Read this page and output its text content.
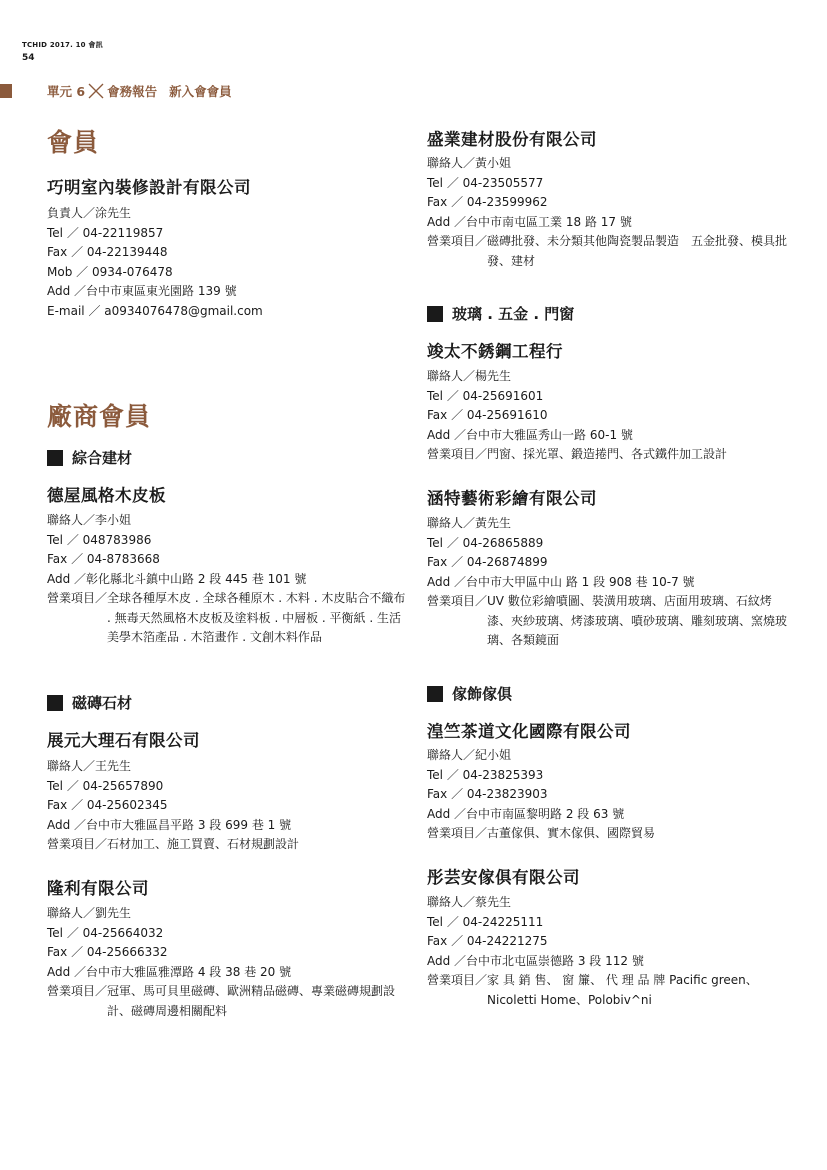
TCHID 2017. 10 會訊
54
單元 6 會務報告 新入會會員
會員
巧明室內裝修設計有限公司
負責人／涂先生
Tel ／ 04-22119857
Fax ／ 04-22139448
Mob ／ 0934-076478
Add ／台中市東區東光園路 139 號
E-mail ／ a0934076478@gmail.com
廠商會員
綜合建材
德屋風格木皮板
聯絡人／李小姐
Tel ／ 048783986
Fax ／ 04-8783668
Add ／彰化縣北斗鎮中山路 2 段 445 巷 101 號
營業項目／ 全球各種厚木皮 . 全球各種原木 . 木料 . 木皮貼合不織布 . 無毒天然風格木皮板及塗料板 . 中層板 . 平衡紙 . 生活美學木箔產品 . 木箔畫作 . 文創木料作品
磁磚石材
展元大理石有限公司
聯絡人／王先生
Tel ／ 04-25657890
Fax ／ 04-25602345
Add ／台中市大雅區昌平路 3 段 699 巷 1 號
營業項目／ 石材加工、施工買賣、石材規劃設計
隆利有限公司
聯絡人／劉先生
Tel ／ 04-25664032
Fax ／ 04-25666332
Add ／台中市大雅區雅潭路 4 段 38 巷 20 號
營業項目／ 冠軍、馬可貝里磁磚、歐洲精品磁磚、專業磁磚規劃設計、磁磚周邊相關配料
盛業建材股份有限公司
聯絡人／黃小姐
Tel ／ 04-23505577
Fax ／ 04-23599962
Add ／台中市南屯區工業 18 路 17 號
營業項目／ 磁磚批發、未分類其他陶瓷製品製造　五金批發、模具批發、建材
玻璃 . 五金 . 門窗
竣太不銹鋼工程行
聯絡人／楊先生
Tel ／ 04-25691601
Fax ／ 04-25691610
Add ／台中市大雅區秀山一路 60-1 號
營業項目／ 門窗、採光罩、鍛造捲門、各式鐵件加工設計
涵特藝術彩繪有限公司
聯絡人／黃先生
Tel ／ 04-26865889
Fax ／ 04-26874899
Add ／台中市大甲區中山 路 1 段 908 巷 10-7 號
營業項目／ UV 數位彩繪噴圖、裝潢用玻璃、店面用玻璃、石紋烤漆、夾紗玻璃、烤漆玻璃、噴砂玻璃、雕刻玻璃、窯燒玻璃、各類鏡面
傢飾傢俱
湟竺茶道文化國際有限公司
聯絡人／紀小姐
Tel ／ 04-23825393
Fax ／ 04-23823903
Add ／台中市南區黎明路 2 段 63 號
營業項目／ 古董傢俱、實木傢俱、國際貿易
彤芸安傢俱有限公司
聯絡人／蔡先生
Tel ／ 04-24225111
Fax ／ 04-24221275
Add ／台中市北屯區崇德路 3 段 112 號
營業項目／ 家 具 銷 售、 窗 簾、 代 理 品 牌 Pacific green、Nicoletti Home、Polobiv^ni
